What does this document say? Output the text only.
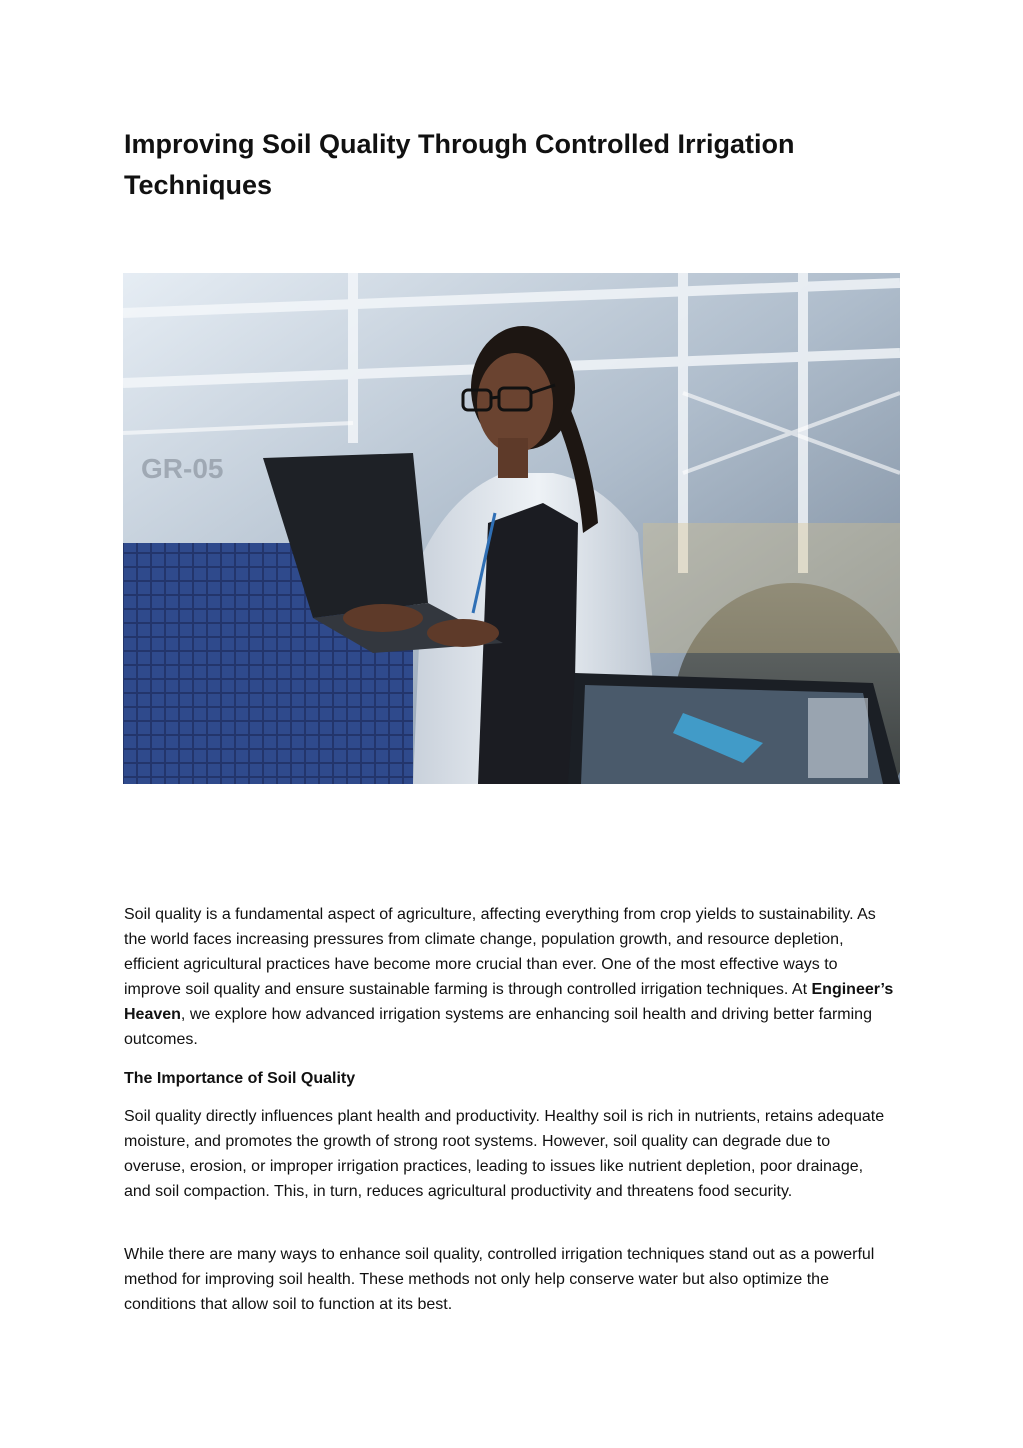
Improving Soil Quality Through Controlled Irrigation Techniques
GR-05

Soil quality is a fundamental aspect of agriculture, affecting everything from crop yields to sustainability. As the world faces increasing pressures from climate change, population growth, and resource depletion, efficient agricultural practices have become more crucial than ever. One of the most effective ways to improve soil quality and ensure sustainable farming is through controlled irrigation techniques. At Engineer’s Heaven, we explore how advanced irrigation systems are enhancing soil health and driving better farming outcomes.

The Importance of Soil Quality

Soil quality directly influences plant health and productivity. Healthy soil is rich in nutrients, retains adequate moisture, and promotes the growth of strong root systems. However, soil quality can degrade due to overuse, erosion, or improper irrigation practices, leading to issues like nutrient depletion, poor drainage, and soil compaction. This, in turn, reduces agricultural productivity and threatens food security.

While there are many ways to enhance soil quality, controlled irrigation techniques stand out as a powerful method for improving soil health. These methods not only help conserve water but also optimize the conditions that allow soil to function at its best.
